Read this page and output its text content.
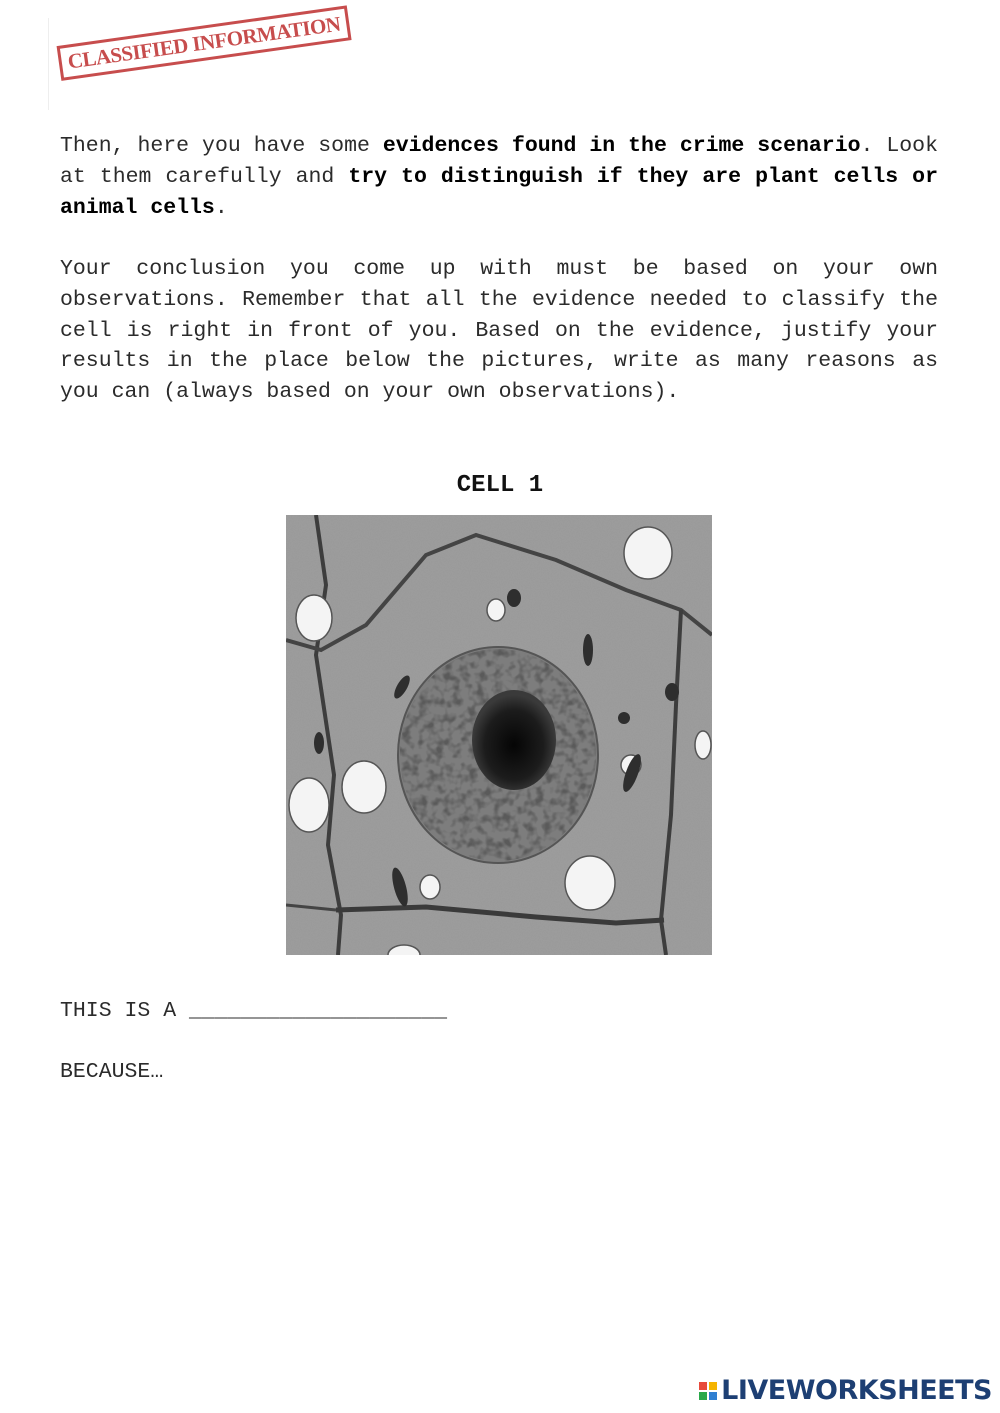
CLASSIFIED INFORMATION

Then, here you have some evidences found in the crime scenario. Look at them carefully and try to distinguish if they are plant cells or animal cells.

Your conclusion you come up with must be based on your own observations. Remember that all the evidence needed to classify the cell is right in front of you. Based on the evidence, justify your results in the place below the pictures, write as many reasons as you can (always based on your own observations).

CELL 1
THIS IS A ____________________
BECAUSE…
LIVEWORKSHEETS
